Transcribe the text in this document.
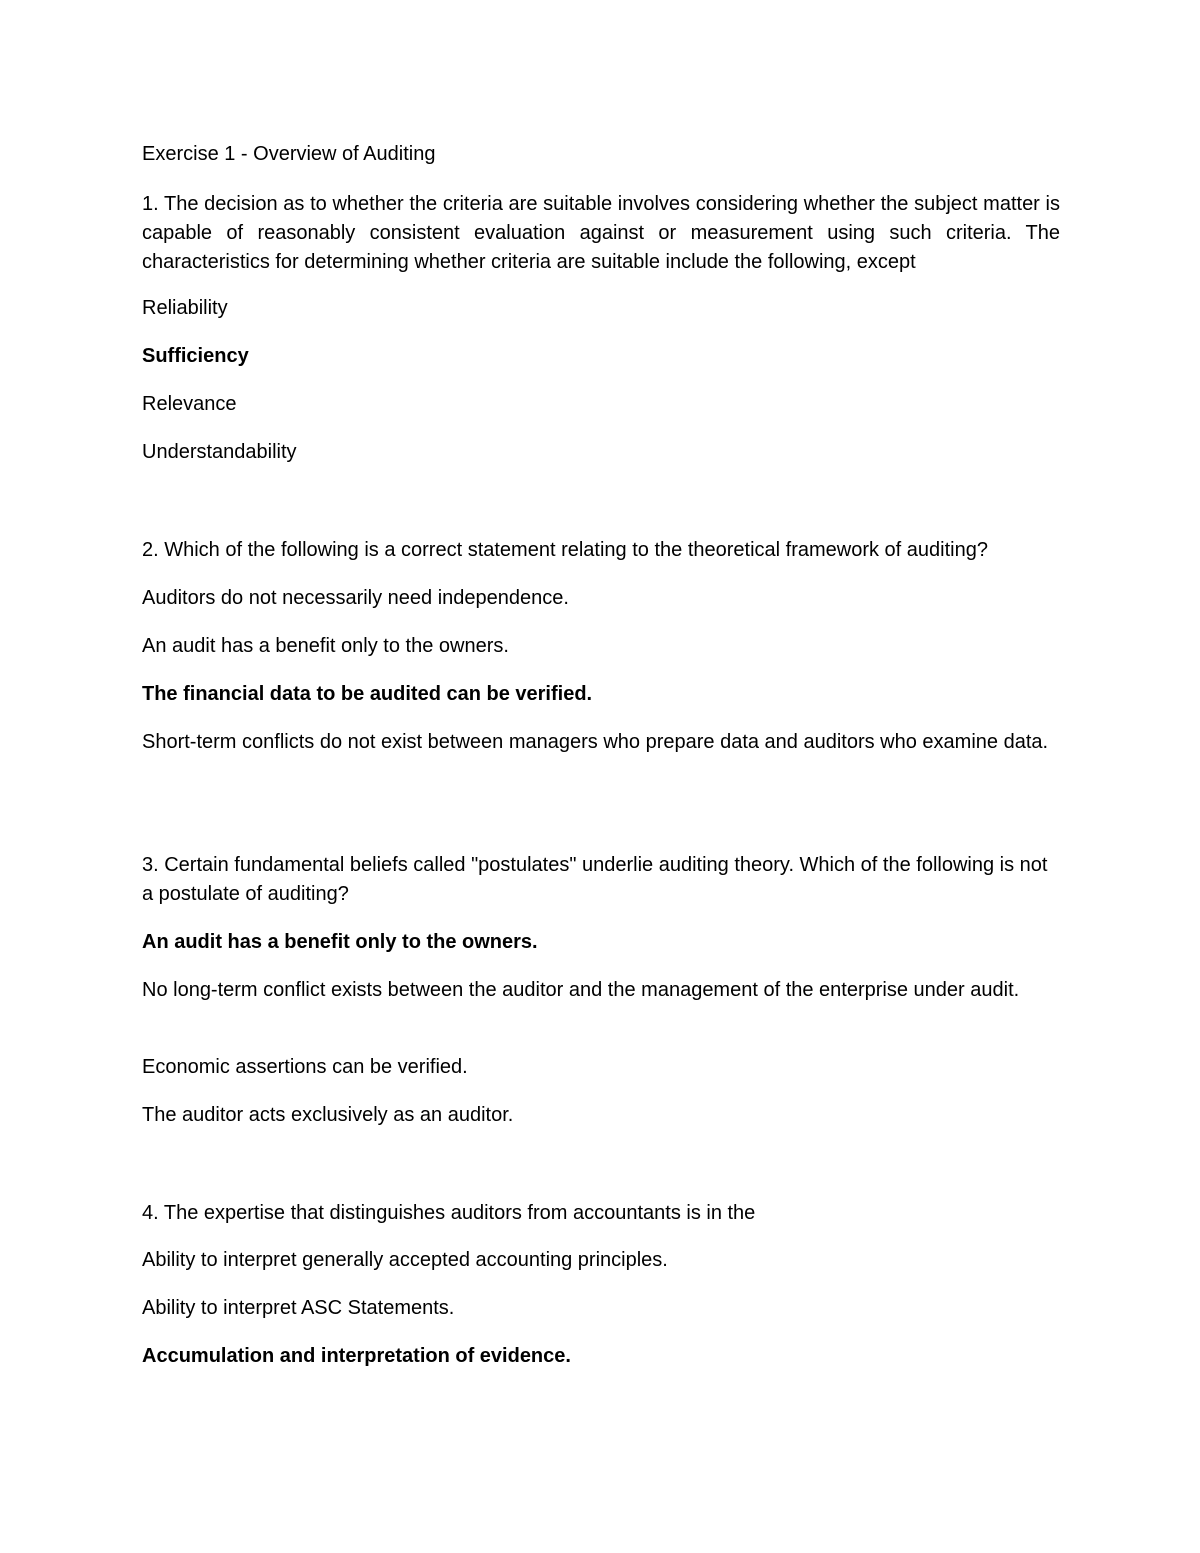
Exercise 1 - Overview of Auditing

1. The decision as to whether the criteria are suitable involves considering whether the subject matter is capable of reasonably consistent evaluation against or measurement using such criteria. The characteristics for determining whether criteria are suitable include the following, except

Reliability

Sufficiency

Relevance

Understandability

2. Which of the following is a correct statement relating to the theoretical framework of auditing?

Auditors do not necessarily need independence.

An audit has a benefit only to the owners.

The financial data to be audited can be verified.

Short-term conflicts do not exist between managers who prepare data and auditors who examine data.

3. Certain fundamental beliefs called "postulates" underlie auditing theory. Which of the following is not a postulate of auditing?

An audit has a benefit only to the owners.

No long-term conflict exists between the auditor and the management of the enterprise under audit.

Economic assertions can be verified.

The auditor acts exclusively as an auditor.

4. The expertise that distinguishes auditors from accountants is in the

Ability to interpret generally accepted accounting principles.

Ability to interpret ASC Statements.

Accumulation and interpretation of evidence.
